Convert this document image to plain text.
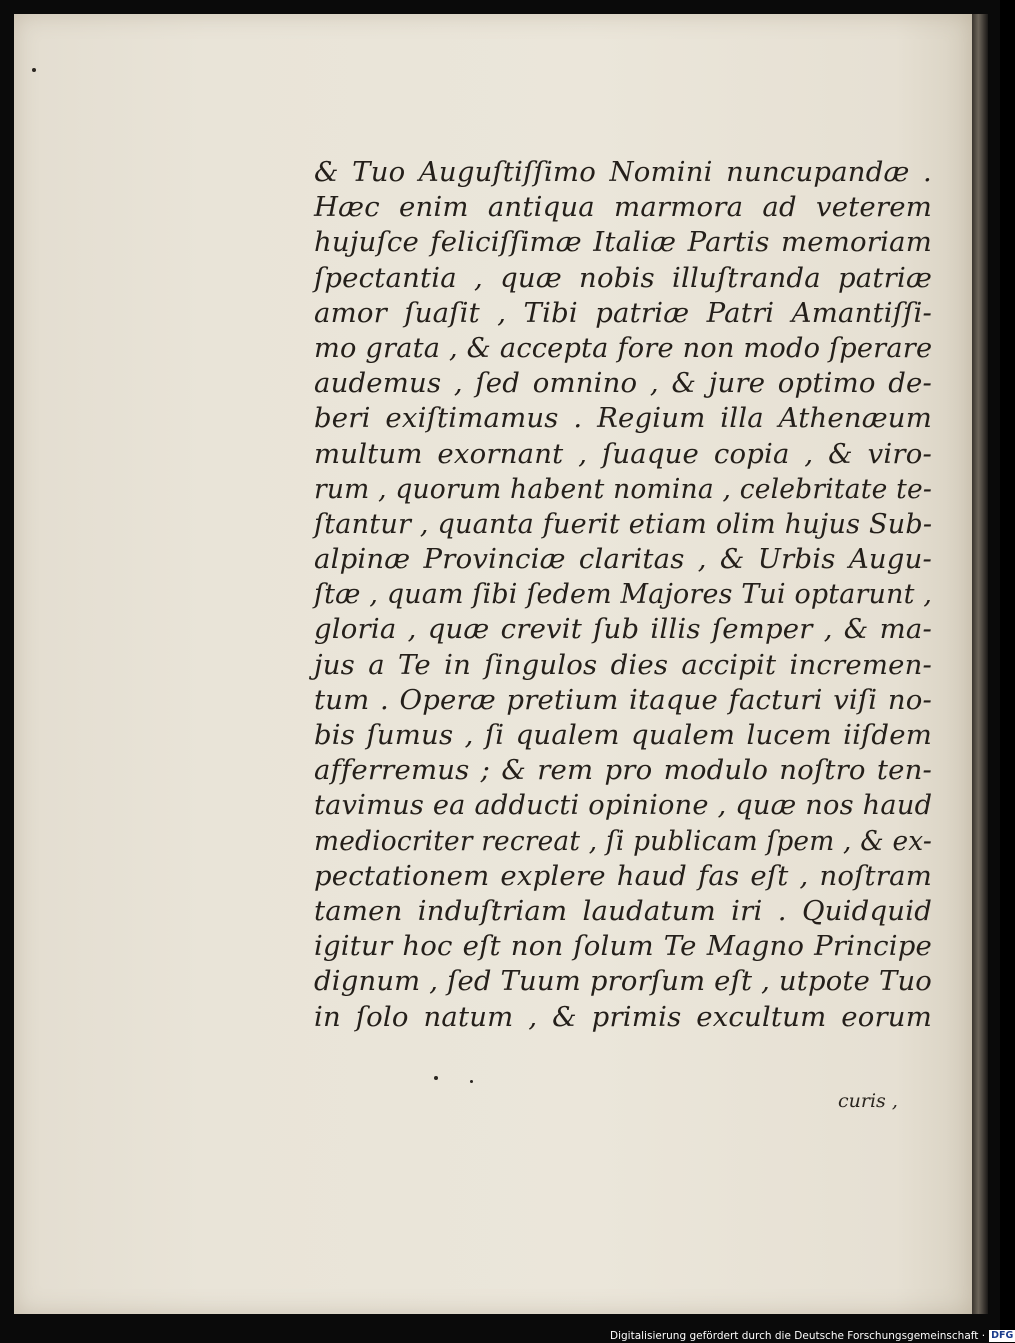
& Tuo Auguſtiſſimo Nomini nuncupandæ .
Hæc enim antiqua marmora ad veterem
hujuſce feliciſſimæ Italiæ Partis memoriam
ſpectantia , quæ nobis illuſtranda patriæ
amor ſuaſit , Tibi patriæ Patri Amantiſſi-
mo grata , & accepta fore non modo ſperare
audemus , ſed omnino , & jure optimo de-
beri exiſtimamus . Regium illa Athenæum
multum exornant , ſuaque copia , & viro-
rum , quorum habent nomina , celebritate te-
ſtantur , quanta fuerit etiam olim hujus Sub-
alpinæ Provinciæ claritas , & Urbis Augu-
ſtæ , quam ſibi ſedem Majores Tui optarunt ,
gloria , quæ crevit ſub illis ſemper , & ma-
jus a Te in ſingulos dies accipit incremen-
tum . Operæ pretium itaque facturi viſi no-
bis ſumus , ſi qualem qualem lucem iiſdem
afferremus ; & rem pro modulo noſtro ten-
tavimus ea adducti opinione , quæ nos haud
mediocriter recreat , ſi publicam ſpem , & ex-
pectationem explere haud fas eſt , noſtram
tamen induſtriam laudatum iri . Quidquid
igitur hoc eſt non ſolum Te Magno Principe
dignum , ſed Tuum prorſum eſt , utpote Tuo
in ſolo natum , & primis excultum eorum
curis ,
Digitalisierung gefördert durch die Deutsche Forschungsgemeinschaft · DFG
